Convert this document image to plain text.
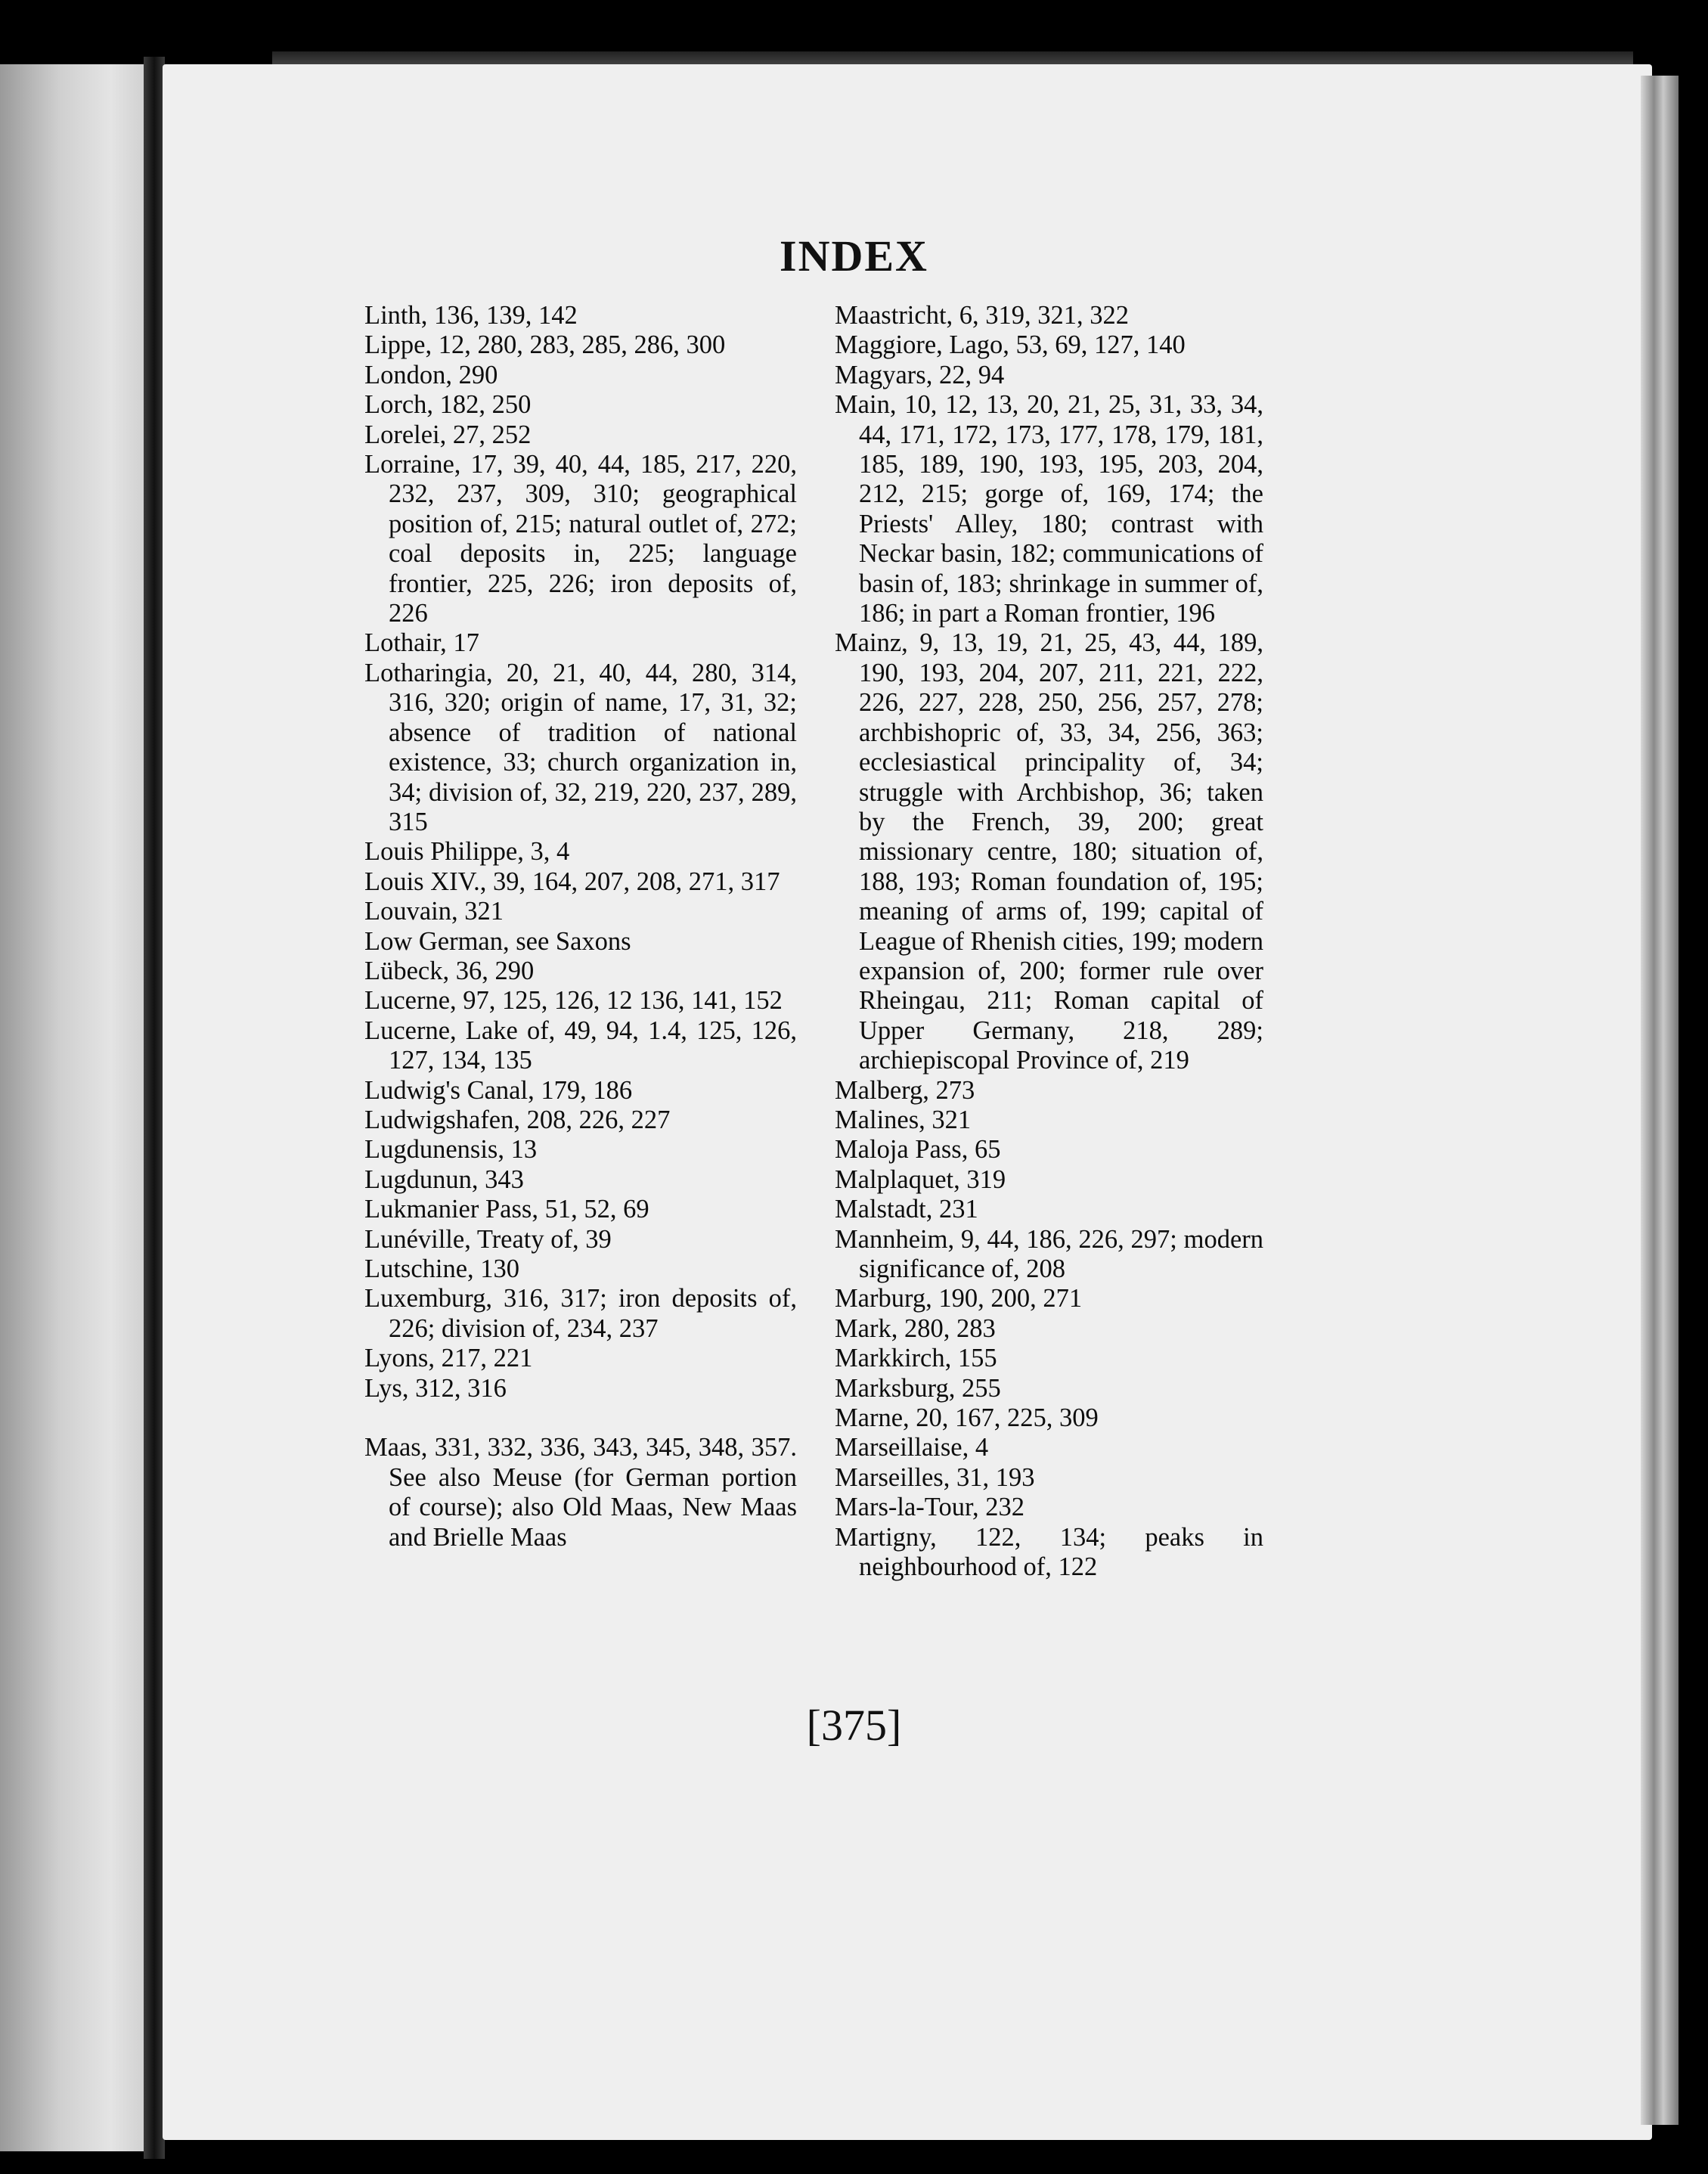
INDEX
Linth, 136, 139, 142
Lippe, 12, 280, 283, 285, 286, 300
London, 290
Lorch, 182, 250
Lorelei, 27, 252
Lorraine, 17, 39, 40, 44, 185, 217, 220, 232, 237, 309, 310; geographical position of, 215; natural outlet of, 272; coal deposits in, 225; language frontier, 225, 226; iron deposits of, 226
Lothair, 17
Lotharingia, 20, 21, 40, 44, 280, 314, 316, 320; origin of name, 17, 31, 32; absence of tradition of national existence, 33; church organization in, 34; division of, 32, 219, 220, 237, 289, 315
Louis Philippe, 3, 4
Louis XIV., 39, 164, 207, 208, 271, 317
Louvain, 321
Low German, see Saxons
Lübeck, 36, 290
Lucerne, 97, 125, 126, 12 136, 141, 152
Lucerne, Lake of, 49, 94, 1.4, 125, 126, 127, 134, 135
Ludwig's Canal, 179, 186
Ludwigshafen, 208, 226, 227
Lugdunensis, 13
Lugdunun, 343
Lukmanier Pass, 51, 52, 69
Lunéville, Treaty of, 39
Lutschine, 130
Luxemburg, 316, 317; iron deposits of, 226; division of, 234, 237
Lyons, 217, 221
Lys, 312, 316
Maas, 331, 332, 336, 343, 345, 348, 357. See also Meuse (for German portion of course); also Old Maas, New Maas and Brielle Maas
Maastricht, 6, 319, 321, 322
Maggiore, Lago, 53, 69, 127, 140
Magyars, 22, 94
Main, 10, 12, 13, 20, 21, 25, 31, 33, 34, 44, 171, 172, 173, 177, 178, 179, 181, 185, 189, 190, 193, 195, 203, 204, 212, 215; gorge of, 169, 174; the Priests' Alley, 180; contrast with Neckar basin, 182; communications of basin of, 183; shrinkage in summer of, 186; in part a Roman frontier, 196
Mainz, 9, 13, 19, 21, 25, 43, 44, 189, 190, 193, 204, 207, 211, 221, 222, 226, 227, 228, 250, 256, 257, 278; archbishopric of, 33, 34, 256, 363; ecclesiastical principality of, 34; struggle with Archbishop, 36; taken by the French, 39, 200; great missionary centre, 180; situation of, 188, 193; Roman foundation of, 195; meaning of arms of, 199; capital of League of Rhenish cities, 199; modern expansion of, 200; former rule over Rheingau, 211; Roman capital of Upper Germany, 218, 289; archiepiscopal Province of, 219
Malberg, 273
Malines, 321
Maloja Pass, 65
Malplaquet, 319
Malstadt, 231
Mannheim, 9, 44, 186, 226, 297; modern significance of, 208
Marburg, 190, 200, 271
Mark, 280, 283
Markkirch, 155
Marksburg, 255
Marne, 20, 167, 225, 309
Marseillaise, 4
Marseilles, 31, 193
Mars-la-Tour, 232
Martigny, 122, 134; peaks in neighbourhood of, 122
[375]
